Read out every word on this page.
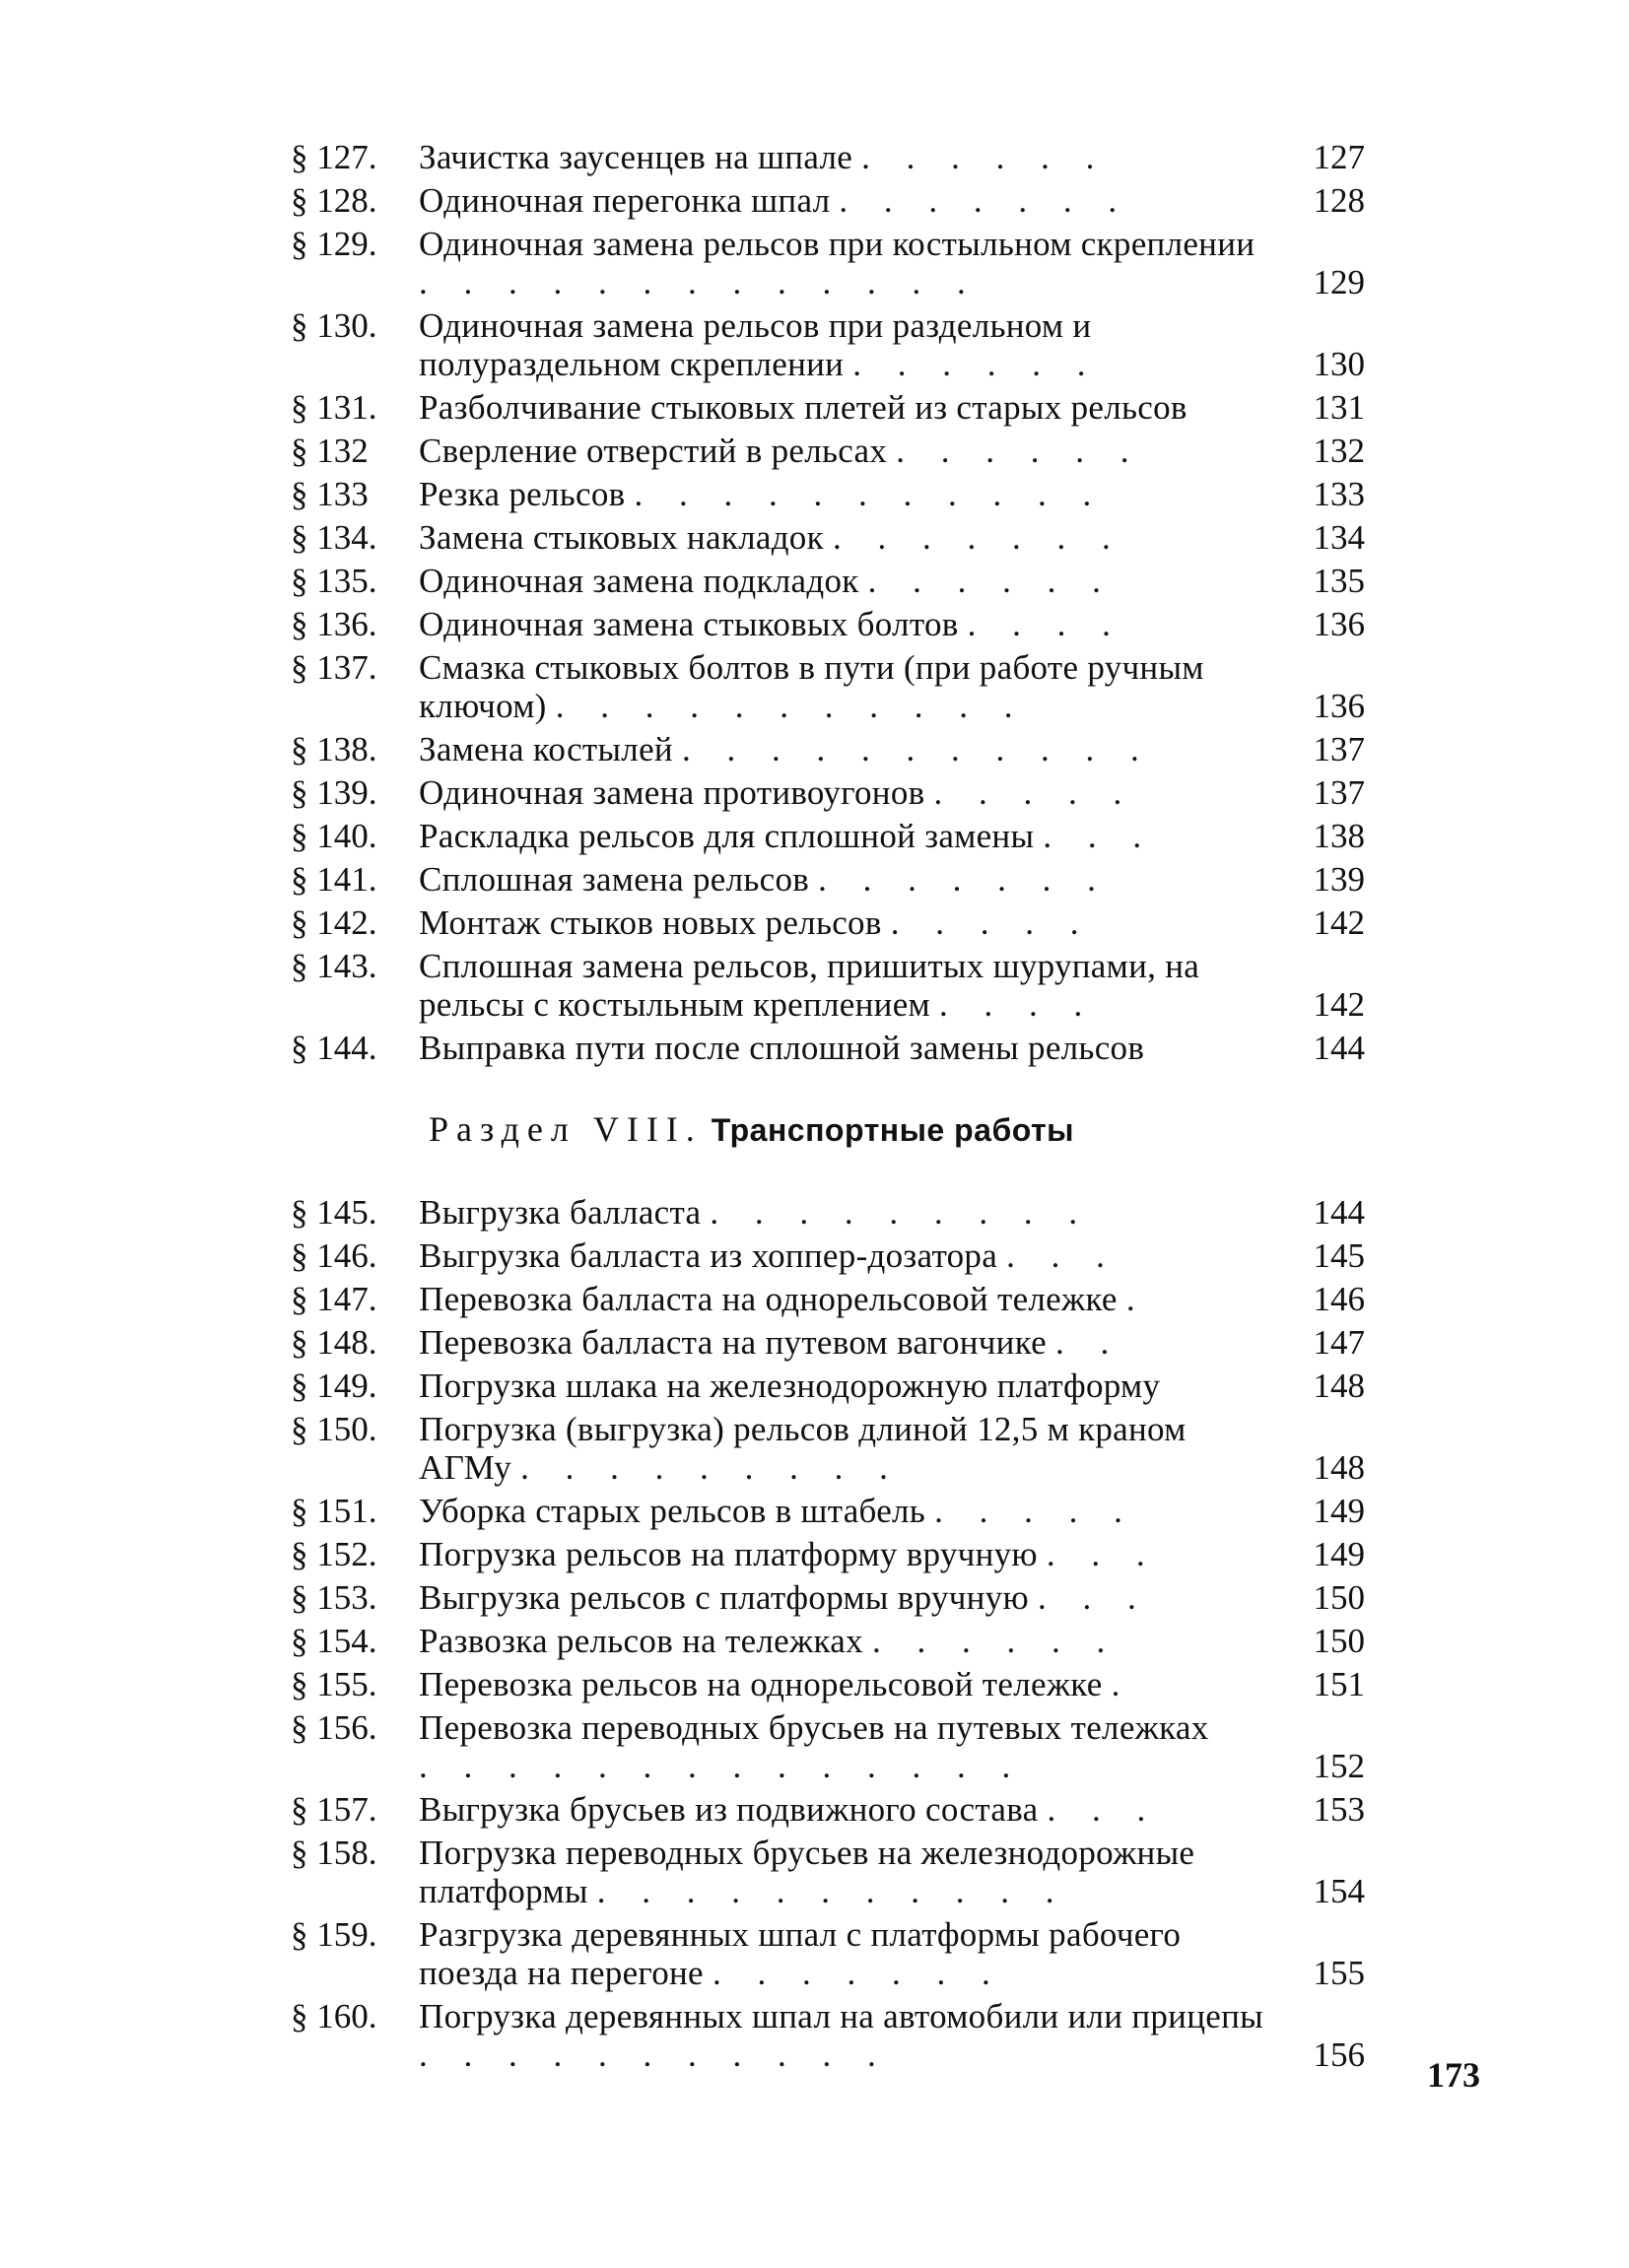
§ 127.	Зачистка заусенцев на шпале . . . . . .	127
§ 128.	Одиночная перегонка шпал . . . . . . .	128
§ 129.	Одиночная замена рельсов при костыльном скреплении . . . . . . . . . . . . .	129
§ 130.	Одиночная замена рельсов при раздельном и полураздельном скреплении . . . . . .	130
§ 131.	Разболчивание стыковых плетей из старых рельсов	131
§ 132	Сверление отверстий в рельсах . . . . . .	132
§ 133	Резка рельсов . . . . . . . . . . .	133
§ 134.	Замена стыковых накладок . . . . . . .	134
§ 135.	Одиночная замена подкладок . . . . . .	135
§ 136.	Одиночная замена стыковых болтов . . . .	136
§ 137.	Смазка стыковых болтов в пути (при работе ручным ключом) . . . . . . . . . . .	136
§ 138.	Замена костылей . . . . . . . . . . .	137
§ 139.	Одиночная замена противоугонов . . . . .	137
§ 140.	Раскладка рельсов для сплошной замены . . .	138
§ 141.	Сплошная замена рельсов . . . . . . .	139
§ 142.	Монтаж стыков новых рельсов . . . . .	142
§ 143.	Сплошная замена рельсов, пришитых шурупами, на рельсы с костыльным креплением . . . .	142
§ 144.	Выправка пути после сплошной замены рельсов	144
Раздел VIII. Транспортные работы
§ 145.	Выгрузка балласта . . . . . . . . .	144
§ 146.	Выгрузка балласта из хоппер-дозатора . . .	145
§ 147.	Перевозка балласта на однорельсовой тележке .	146
§ 148.	Перевозка балласта на путевом вагончике . .	147
§ 149.	Погрузка шлака на железнодорожную платформу	148
§ 150.	Погрузка (выгрузка) рельсов длиной 12,5 м краном АГМу . . . . . . . . .	148
§ 151.	Уборка старых рельсов в штабель . . . . .	149
§ 152.	Погрузка рельсов на платформу вручную . . .	149
§ 153.	Выгрузка рельсов с платформы вручную . . .	150
§ 154.	Развозка рельсов на тележках . . . . . .	150
§ 155.	Перевозка рельсов на однорельсовой тележке .	151
§ 156.	Перевозка переводных брусьев на путевых тележках . . . . . . . . . . . . . .	152
§ 157.	Выгрузка брусьев из подвижного состава . . .	153
§ 158.	Погрузка переводных брусьев на железнодорожные платформы . . . . . . . . . . .	154
§ 159.	Разгрузка деревянных шпал с платформы рабочего поезда на перегоне . . . . . . .	155
§ 160.	Погрузка деревянных шпал на автомобили или прицепы . . . . . . . . . . .	156
173
